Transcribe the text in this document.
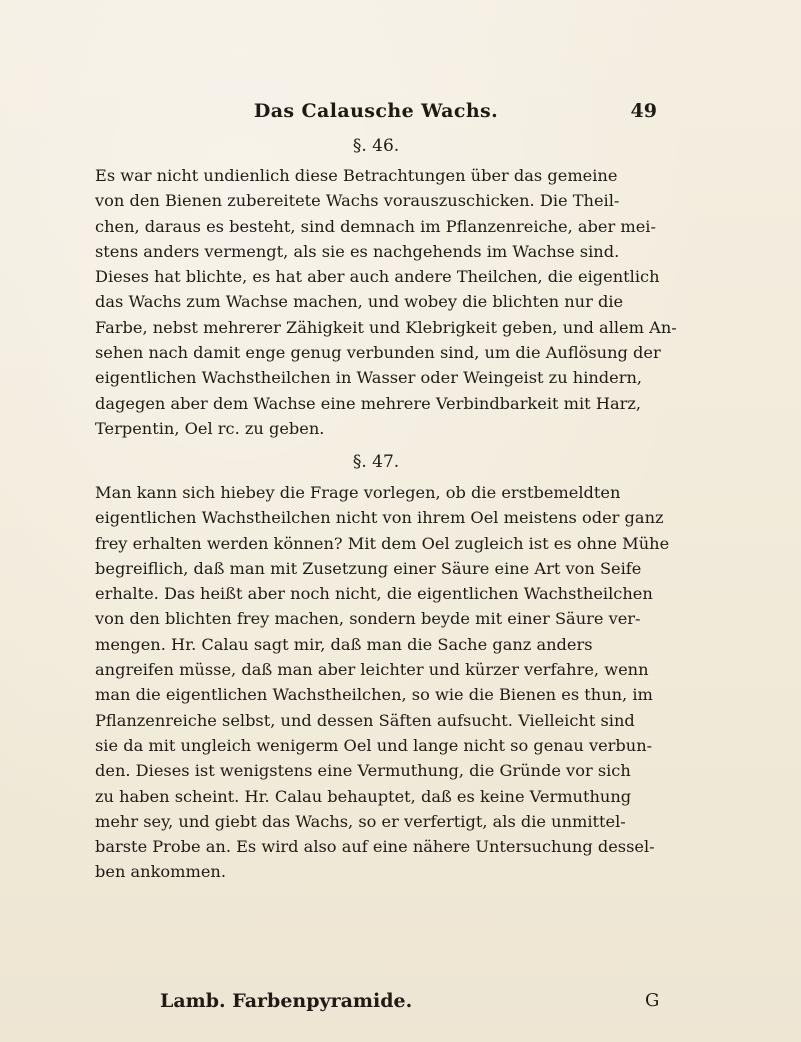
Das Calausche Wachs.	49
§. 46.
Es war nicht undienlich diese Betrachtungen über das gemeine
von den Bienen zubereitete Wachs vorauszuschicken. Die Theil-
chen, daraus es besteht, sind demnach im Pflanzenreiche, aber mei-
stens anders vermengt, als sie es nachgehends im Wachse sind.
Dieses hat blichte, es hat aber auch andere Theilchen, die eigentlich
das Wachs zum Wachse machen, und wobey die blichten nur die
Farbe, nebst mehrerer Zähigkeit und Klebrigkeit geben, und allem An-
sehen nach damit enge genug verbunden sind, um die Auflösung der
eigentlichen Wachstheilchen in Wasser oder Weingeist zu hindern,
dagegen aber dem Wachse eine mehrere Verbindbarkeit mit Harz,
Terpentin, Oel rc. zu geben.
§. 47.
Man kann sich hiebey die Frage vorlegen, ob die erstbemeldten
eigentlichen Wachstheilchen nicht von ihrem Oel meistens oder ganz
frey erhalten werden können? Mit dem Oel zugleich ist es ohne Mühe
begreiflich, daß man mit Zusetzung einer Säure eine Art von Seife
erhalte. Das heißt aber noch nicht, die eigentlichen Wachstheilchen
von den blichten frey machen, sondern beyde mit einer Säure ver-
mengen. Hr. Calau sagt mir, daß man die Sache ganz anders
angreifen müsse, daß man aber leichter und kürzer verfahre, wenn
man die eigentlichen Wachstheilchen, so wie die Bienen es thun, im
Pflanzenreiche selbst, und dessen Säften aufsucht. Vielleicht sind
sie da mit ungleich wenigerm Oel und lange nicht so genau verbun-
den. Dieses ist wenigstens eine Vermuthung, die Gründe vor sich
zu haben scheint. Hr. Calau behauptet, daß es keine Vermuthung
mehr sey, und giebt das Wachs, so er verfertigt, als die unmittel-
barste Probe an. Es wird also auf eine nähere Untersuchung dessel-
ben ankommen.
Lamb. Farbenpyramide.	G
